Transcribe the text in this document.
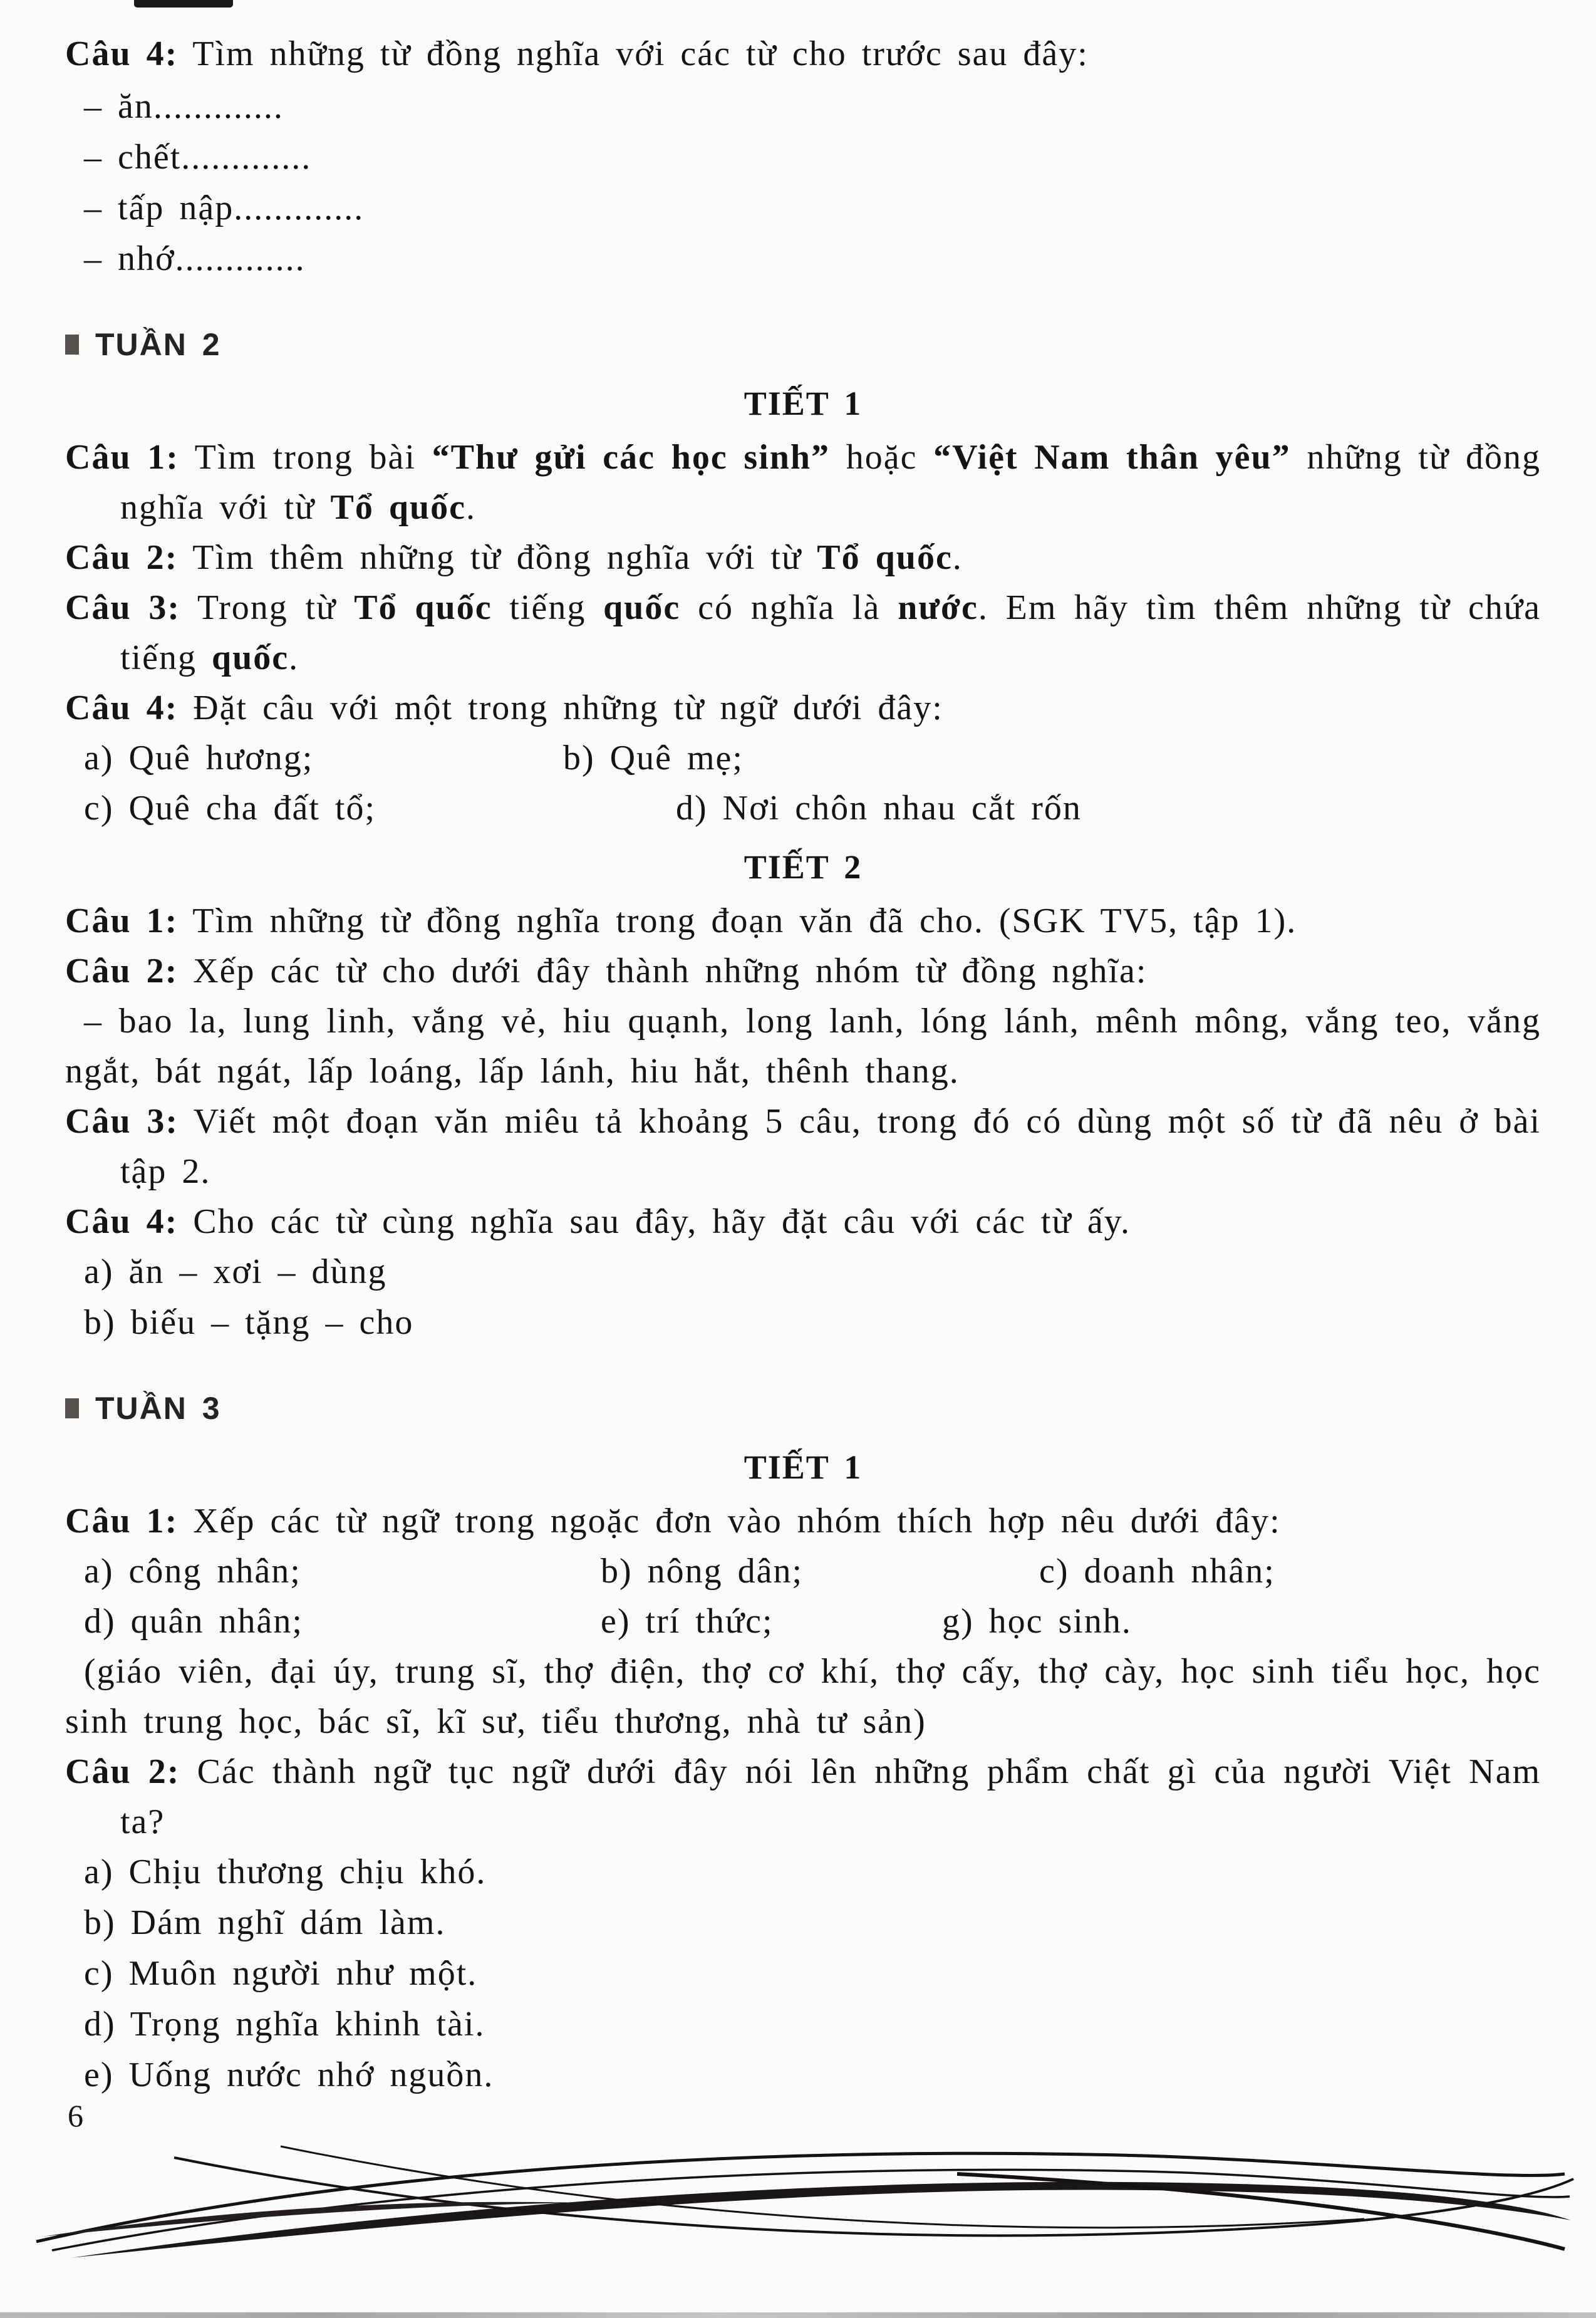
Câu 4: Tìm những từ đồng nghĩa với các từ cho trước sau đây:

– ăn.............
– chết.............
– tấp nập.............
– nhớ.............
TUẦN 2
TIẾT 1

Câu 1: Tìm trong bài “Thư gửi các học sinh” hoặc “Việt Nam thân yêu” những từ đồng nghĩa với từ Tổ quốc.

Câu 2: Tìm thêm những từ đồng nghĩa với từ Tổ quốc.

Câu 3: Trong từ Tổ quốc tiếng quốc có nghĩa là nước. Em hãy tìm thêm những từ chứa tiếng quốc.

Câu 4: Đặt câu với một trong những từ ngữ dưới đây:

a) Quê hương;	b) Quê mẹ;
c) Quê cha đất tổ;	d) Nơi chôn nhau cắt rốn
TIẾT 2

Câu 1: Tìm những từ đồng nghĩa trong đoạn văn đã cho. (SGK TV5, tập 1).

Câu 2: Xếp các từ cho dưới đây thành những nhóm từ đồng nghĩa:

– bao la, lung linh, vắng vẻ, hiu quạnh, long lanh, lóng lánh, mênh mông, vắng teo, vắng ngắt, bát ngát, lấp loáng, lấp lánh, hiu hắt, thênh thang.

Câu 3: Viết một đoạn văn miêu tả khoảng 5 câu, trong đó có dùng một số từ đã nêu ở bài tập 2.

Câu 4: Cho các từ cùng nghĩa sau đây, hãy đặt câu với các từ ấy.

a) ăn – xơi – dùng
b) biếu – tặng – cho
TUẦN 3
TIẾT 1

Câu 1: Xếp các từ ngữ trong ngoặc đơn vào nhóm thích hợp nêu dưới đây:

a) công nhân;	b) nông dân;	c) doanh nhân;
d) quân nhân;	e) trí thức;	g) học sinh.

(giáo viên, đại úy, trung sĩ, thợ điện, thợ cơ khí, thợ cấy, thợ cày, học sinh tiểu học, học sinh trung học, bác sĩ, kĩ sư, tiểu thương, nhà tư sản)

Câu 2: Các thành ngữ tục ngữ dưới đây nói lên những phẩm chất gì của người Việt Nam ta?

a) Chịu thương chịu khó.
b) Dám nghĩ dám làm.
c) Muôn người như một.
d) Trọng nghĩa khinh tài.
e) Uống nước nhớ nguồn.
6
